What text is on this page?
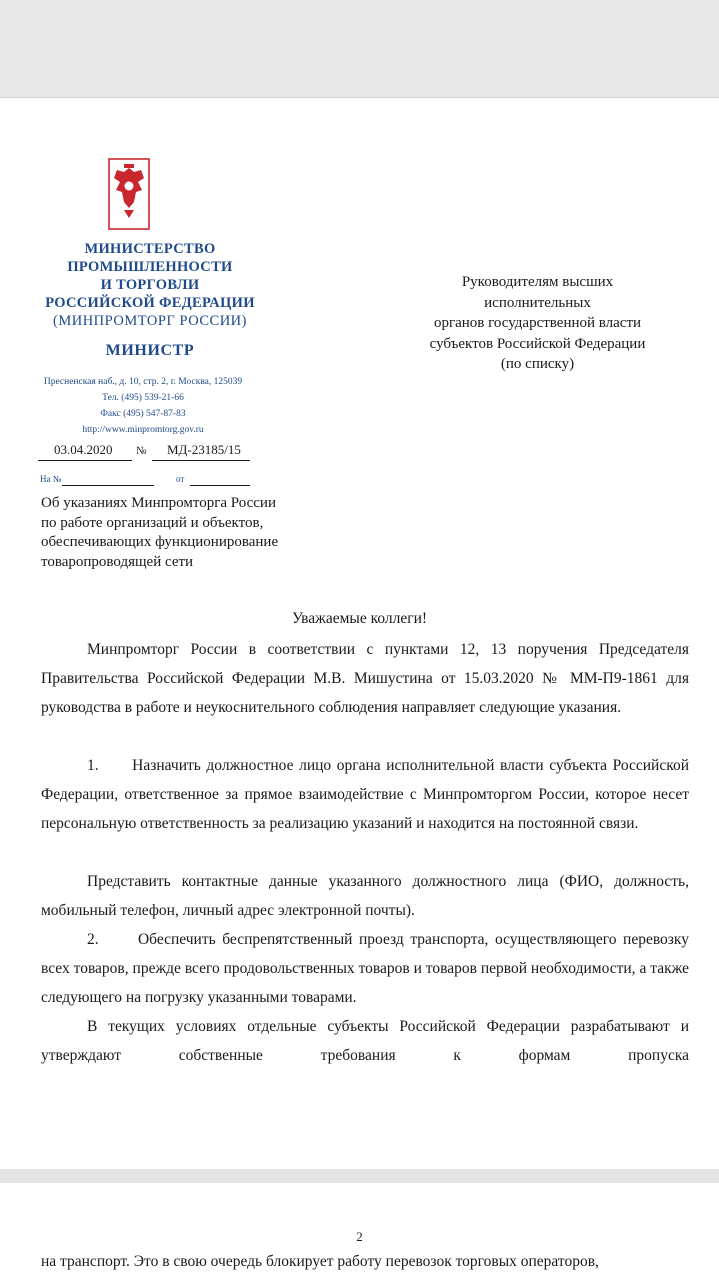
МИНИСТЕРСТВО
ПРОМЫШЛЕННОСТИ
И ТОРГОВЛИ
РОССИЙСКОЙ ФЕДЕРАЦИИ
(МИНПРОМТОРГ РОССИИ)
МИНИСТР
Пресненская наб., д. 10, стр. 2, г. Москва, 125039
Тел. (495) 539-21-66
Факс (495) 547-87-83
http://www.minpromtorg.gov.ru
03.04.2020 № МД-23185/15
На №	от
Об указаниях Минпромторга России
по работе организаций и объектов,
обеспечивающих функционирование
товаропроводящей сети
Руководителям высших
исполнительных
органов государственной власти
субъектов Российской Федерации
(по списку)
Уважаемые коллеги!
Минпромторг России в соответствии с пунктами 12, 13 поручения Председателя Правительства Российской Федерации М.В. Мишустина от 15.03.2020 № ММ-П9-1861 для руководства в работе и неукоснительного соблюдения направляет следующие указания.
1.      Назначить должностное лицо органа исполнительной власти субъекта Российской Федерации, ответственное за прямое взаимодействие с Минпромторгом России, которое несет персональную ответственность за реализацию указаний и находится на постоянной связи.
Представить контактные данные указанного должностного лица (ФИО, должность, мобильный телефон, личный адрес электронной почты).
2.      Обеспечить беспрепятственный проезд транспорта, осуществляющего перевозку всех товаров, прежде всего продовольственных товаров и товаров первой необходимости, а также следующего на погрузку указанными товарами.
В текущих условиях отдельные субъекты Российской Федерации разрабатывают и утверждают собственные требования к формам пропуска
2
на транспорт. Это в свою очередь блокирует работу перевозок торговых операторов,
